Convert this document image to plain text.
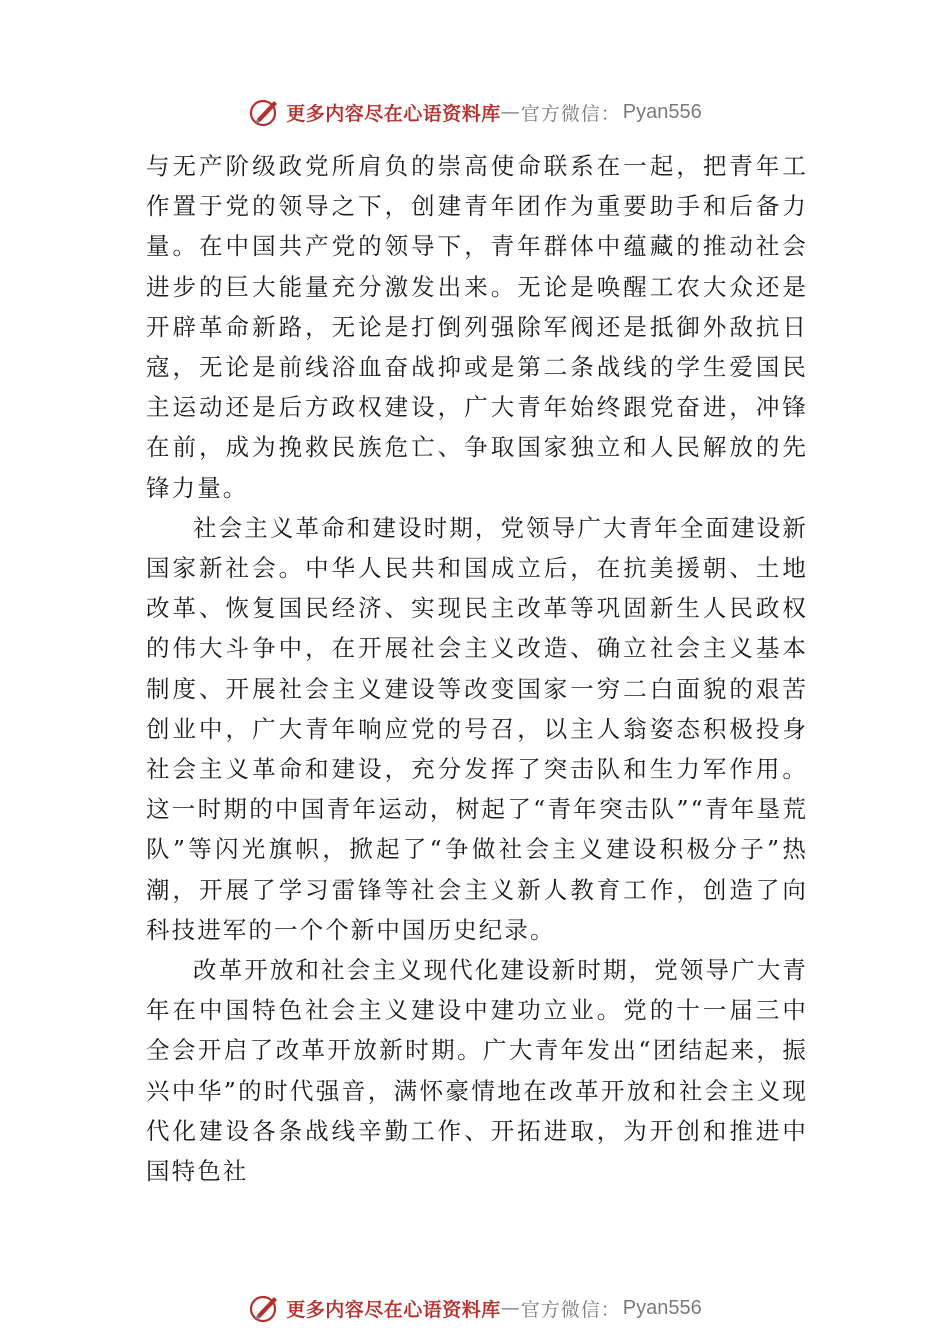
更多内容尽在心语资料库 — 官方微信： Pyan556

与无产阶级政党所肩负的崇高使命联系在一起，把青年工作置于党的领导之下，创建青年团作为重要助手和后备力量。在中国共产党的领导下，青年群体中蕴藏的推动社会进步的巨大能量充分激发出来。无论是唤醒工农大众还是开辟革命新路，无论是打倒列强除军阀还是抵御外敌抗日寇，无论是前线浴血奋战抑或是第二条战线的学生爱国民主运动还是后方政权建设，广大青年始终跟党奋进，冲锋在前，成为挽救民族危亡、争取国家独立和人民解放的先锋力量。

社会主义革命和建设时期，党领导广大青年全面建设新国家新社会。中华人民共和国成立后，在抗美援朝、土地改革、恢复国民经济、实现民主改革等巩固新生人民政权的伟大斗争中，在开展社会主义改造、确立社会主义基本制度、开展社会主义建设等改变国家一穷二白面貌的艰苦创业中，广大青年响应党的号召，以主人翁姿态积极投身社会主义革命和建设，充分发挥了突击队和生力军作用。这一时期的中国青年运动，树起了“青年突击队”“青年垦荒队”等闪光旗帜，掀起了“争做社会主义建设积极分子”热潮，开展了学习雷锋等社会主义新人教育工作，创造了向科技进军的一个个新中国历史纪录。

改革开放和社会主义现代化建设新时期，党领导广大青年在中国特色社会主义建设中建功立业。党的十一届三中全会开启了改革开放新时期。广大青年发出“团结起来，振兴中华”的时代强音，满怀豪情地在改革开放和社会主义现代化建设各条战线辛勤工作、开拓进取，为开创和推进中国特色社

更多内容尽在心语资料库 — 官方微信： Pyan556
